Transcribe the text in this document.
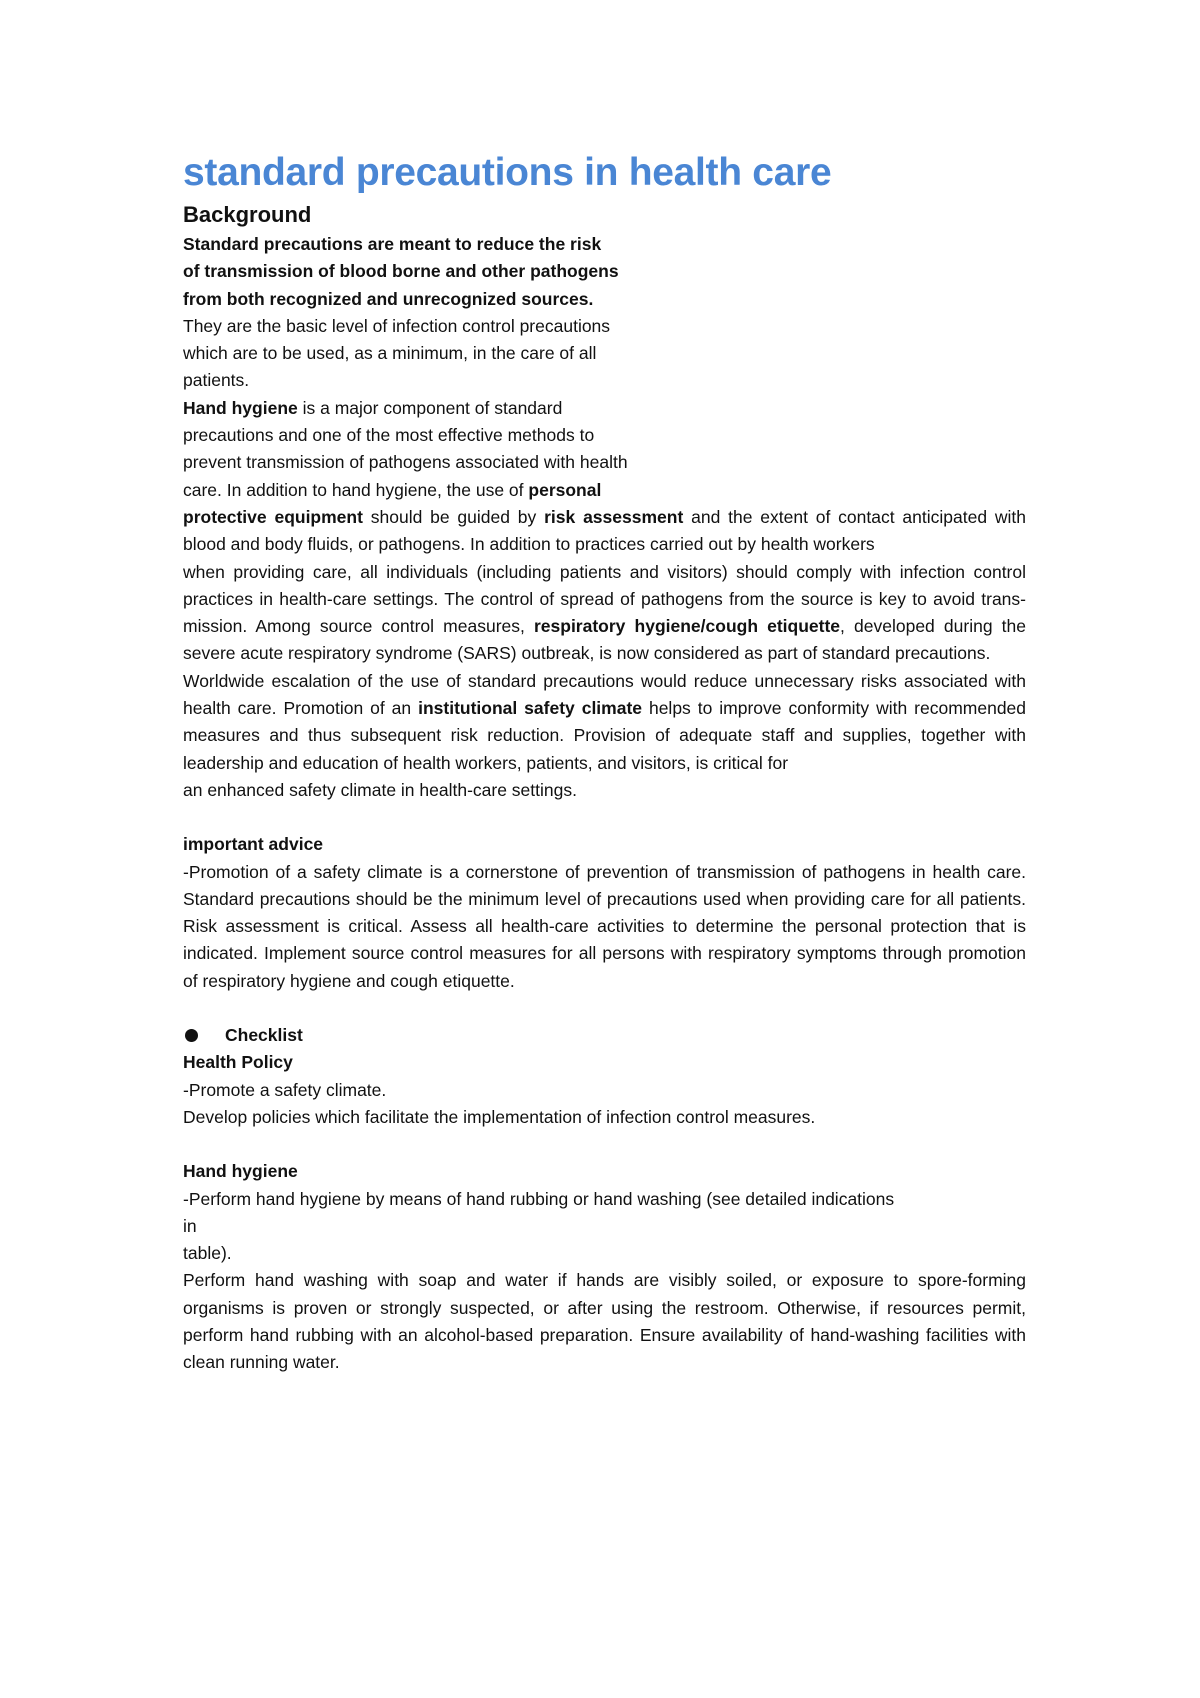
standard precautions in health care
Background
Standard precautions are meant to reduce the risk
of transmission of blood borne and other pathogens
from both recognized and unrecognized sources.
They are the basic level of infection control precautions
which are to be used, as a minimum, in the care of all
patients.
Hand hygiene is a major component of standard
precautions and one of the most effective methods to
prevent transmission of pathogens associated with health
care. In addition to hand hygiene, the use of personal
protective equipment should be guided by risk assessment and the extent of contact anticipated with blood and body fluids, or pathogens. In addition to practices carried out by health workers
when providing care, all individuals (including patients and visitors) should comply with infection control practices in health-care settings. The control of spread of pathogens from the source is key to avoid trans- mission. Among source control measures, respiratory hygiene/cough etiquette, developed during the severe acute respiratory syndrome (SARS) outbreak, is now considered as part of standard precautions.
Worldwide escalation of the use of standard precautions would reduce unnecessary risks associated with health care. Promotion of an institutional safety climate helps to improve conformity with recommended measures and thus subsequent risk reduction. Provision of adequate staff and supplies, together with leadership and education of health workers, patients, and visitors, is critical for
an enhanced safety climate in health-care settings.
important advice
-Promotion of a safety climate is a cornerstone of prevention of transmission of pathogens in health care. Standard precautions should be the minimum level of precautions used when providing care for all patients. Risk assessment is critical. Assess all health-care activities to determine the personal protection that is indicated. Implement source control measures for all persons with respiratory symptoms through promotion of respiratory hygiene and cough etiquette.
Checklist
Health Policy
-Promote a safety climate.
Develop policies which facilitate the implementation of infection control measures.
Hand hygiene
-Perform hand hygiene by means of hand rubbing or hand washing (see detailed indications
in
table).
Perform hand washing with soap and water if hands are visibly soiled, or exposure to spore-forming organisms is proven or strongly suspected, or after using the restroom. Otherwise, if resources permit, perform hand rubbing with an alcohol-based preparation. Ensure availability of hand-washing facilities with clean running water.
